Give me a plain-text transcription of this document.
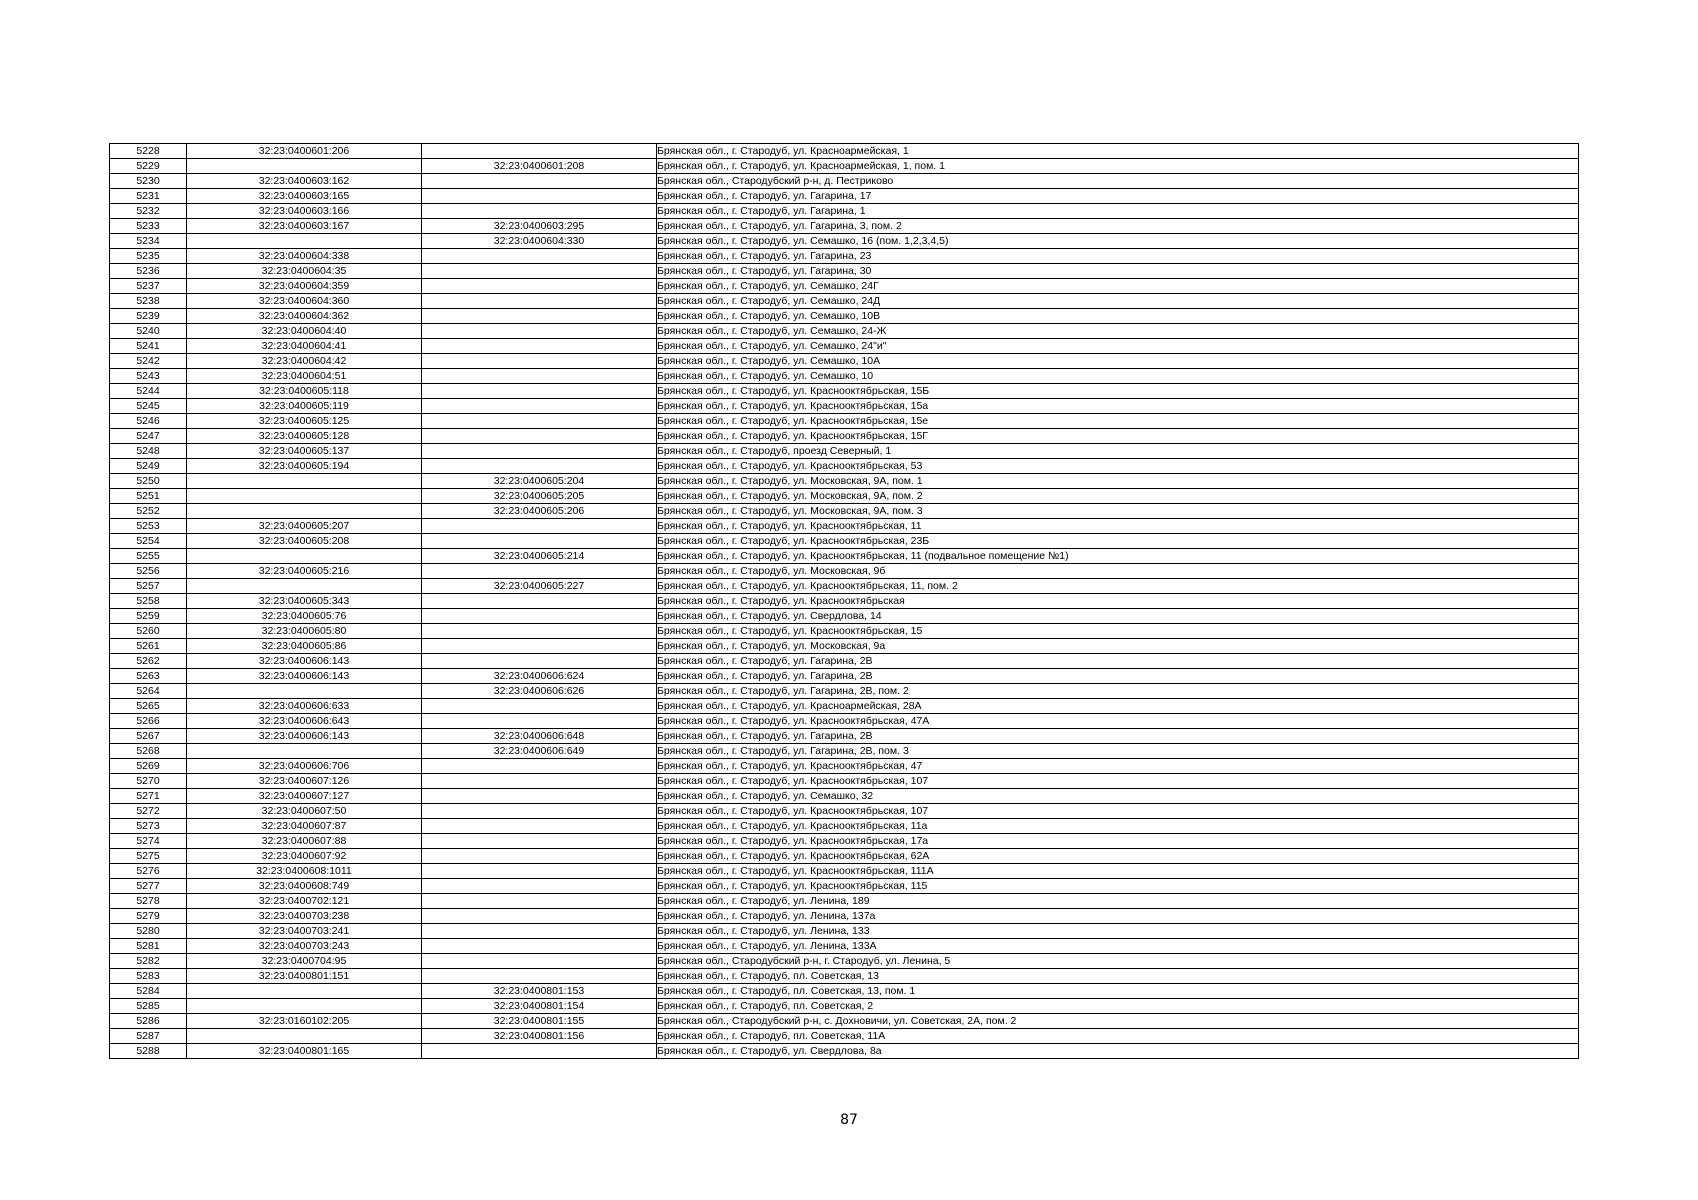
5228	32:23:0400601:206		Брянская обл., г. Стародуб, ул. Красноармейская, 1
5229		32:23:0400601:208	Брянская обл., г. Стародуб, ул. Красноармейская, 1, пом. 1
5230	32:23:0400603:162		Брянская обл., Стародубский р-н, д. Пестриково
5231	32:23:0400603:165		Брянская обл., г. Стародуб, ул. Гагарина, 17
5232	32:23:0400603:166		Брянская обл., г. Стародуб, ул. Гагарина, 1
5233	32:23:0400603:167	32:23:0400603:295	Брянская обл., г. Стародуб, ул. Гагарина, 3, пом. 2
5234		32:23:0400604:330	Брянская обл., г. Стародуб, ул. Семашко, 16 (пом. 1,2,3,4,5)
5235	32:23:0400604:338		Брянская обл., г. Стародуб, ул. Гагарина, 23
5236	32:23:0400604:35		Брянская обл., г. Стародуб, ул. Гагарина, 30
5237	32:23:0400604:359		Брянская обл., г. Стародуб, ул. Семашко, 24Г
5238	32:23:0400604:360		Брянская обл., г. Стародуб, ул. Семашко, 24Д
5239	32:23:0400604:362		Брянская обл., г. Стародуб, ул. Семашко, 10В
5240	32:23:0400604:40		Брянская обл., г. Стародуб, ул. Семашко, 24-Ж
5241	32:23:0400604:41		Брянская обл., г. Стародуб, ул. Семашко, 24"и"
5242	32:23:0400604:42		Брянская обл., г. Стародуб, ул. Семашко, 10А
5243	32:23:0400604:51		Брянская обл., г. Стародуб, ул. Семашко, 10
5244	32:23:0400605:118		Брянская обл., г. Стародуб, ул. Краснооктябрьская, 15Б
5245	32:23:0400605:119		Брянская обл., г. Стародуб, ул. Краснооктябрьская, 15а
5246	32:23:0400605:125		Брянская обл., г. Стародуб, ул. Краснооктябрьская, 15е
5247	32:23:0400605:128		Брянская обл., г. Стародуб, ул. Краснооктябрьская, 15Г
5248	32:23:0400605:137		Брянская обл., г. Стародуб, проезд Северный, 1
5249	32:23:0400605:194		Брянская обл., г. Стародуб, ул. Краснооктябрьская, 53
5250		32:23:0400605:204	Брянская обл., г. Стародуб, ул. Московская, 9А, пом. 1
5251		32:23:0400605:205	Брянская обл., г. Стародуб, ул. Московская, 9А, пом. 2
5252		32:23:0400605:206	Брянская обл., г. Стародуб, ул. Московская, 9А, пом. 3
5253	32:23:0400605:207		Брянская обл., г. Стародуб, ул. Краснооктябрьская, 11
5254	32:23:0400605:208		Брянская обл., г. Стародуб, ул. Краснооктябрьская, 23Б
5255		32:23:0400605:214	Брянская обл., г. Стародуб, ул. Краснооктябрьская, 11 (подвальное помещение №1)
5256	32:23:0400605:216		Брянская обл., г. Стародуб, ул. Московская, 9б
5257		32:23:0400605:227	Брянская обл., г. Стародуб, ул. Краснооктябрьская, 11, пом. 2
5258	32:23:0400605:343		Брянская обл., г. Стародуб, ул. Краснооктябрьская
5259	32:23:0400605:76		Брянская обл., г. Стародуб, ул. Свердлова, 14
5260	32:23:0400605:80		Брянская обл., г. Стародуб, ул. Краснооктябрьская, 15
5261	32:23:0400605:86		Брянская обл., г. Стародуб, ул. Московская, 9а
5262	32:23:0400606:143		Брянская обл., г. Стародуб, ул. Гагарина, 2В
5263	32:23:0400606:143	32:23:0400606:624	Брянская обл., г. Стародуб, ул. Гагарина, 2В
5264		32:23:0400606:626	Брянская обл., г. Стародуб, ул. Гагарина, 2В, пом. 2
5265	32:23:0400606:633		Брянская обл., г. Стародуб, ул. Красноармейская, 28А
5266	32:23:0400606:643		Брянская обл., г. Стародуб, ул. Краснооктябрьская, 47А
5267	32:23:0400606:143	32:23:0400606:648	Брянская обл., г. Стародуб, ул. Гагарина, 2В
5268		32:23:0400606:649	Брянская обл., г. Стародуб, ул. Гагарина, 2В, пом. 3
5269	32:23:0400606:706		Брянская обл., г. Стародуб, ул. Краснооктябрьская, 47
5270	32:23:0400607:126		Брянская обл., г. Стародуб, ул. Краснооктябрьская, 107
5271	32:23:0400607:127		Брянская обл., г. Стародуб, ул. Семашко, 32
5272	32:23:0400607:50		Брянская обл., г. Стародуб, ул. Краснооктябрьская, 107
5273	32:23:0400607:87		Брянская обл., г. Стародуб, ул. Краснооктябрьская, 11а
5274	32:23:0400607:88		Брянская обл., г. Стародуб, ул. Краснооктябрьская, 17а
5275	32:23:0400607:92		Брянская обл., г. Стародуб, ул. Краснооктябрьская, 62А
5276	32:23:0400608:1011		Брянская обл., г. Стародуб, ул. Краснооктябрьская, 111А
5277	32:23:0400608:749		Брянская обл., г. Стародуб, ул. Краснооктябрьская, 115
5278	32:23:0400702:121		Брянская обл., г. Стародуб, ул. Ленина, 189
5279	32:23:0400703:238		Брянская обл., г. Стародуб, ул. Ленина, 137а
5280	32:23:0400703:241		Брянская обл., г. Стародуб, ул. Ленина, 133
5281	32:23:0400703:243		Брянская обл., г. Стародуб, ул. Ленина, 133А
5282	32:23:0400704:95		Брянская обл., Стародубский р-н, г. Стародуб, ул. Ленина, 5
5283	32:23:0400801:151		Брянская обл., г. Стародуб, пл. Советская, 13
5284		32:23:0400801:153	Брянская обл., г. Стародуб, пл. Советская, 13, пом. 1
5285		32:23:0400801:154	Брянская обл., г. Стародуб, пл. Советская, 2
5286	32:23:0160102:205	32:23:0400801:155	Брянская обл., Стародубский р-н, с. Дохновичи, ул. Советская, 2А, пом. 2
5287		32:23:0400801:156	Брянская обл., г. Стародуб, пл. Советская, 11А
5288	32:23:0400801:165		Брянская обл., г. Стародуб, ул. Свердлова, 8а
87
